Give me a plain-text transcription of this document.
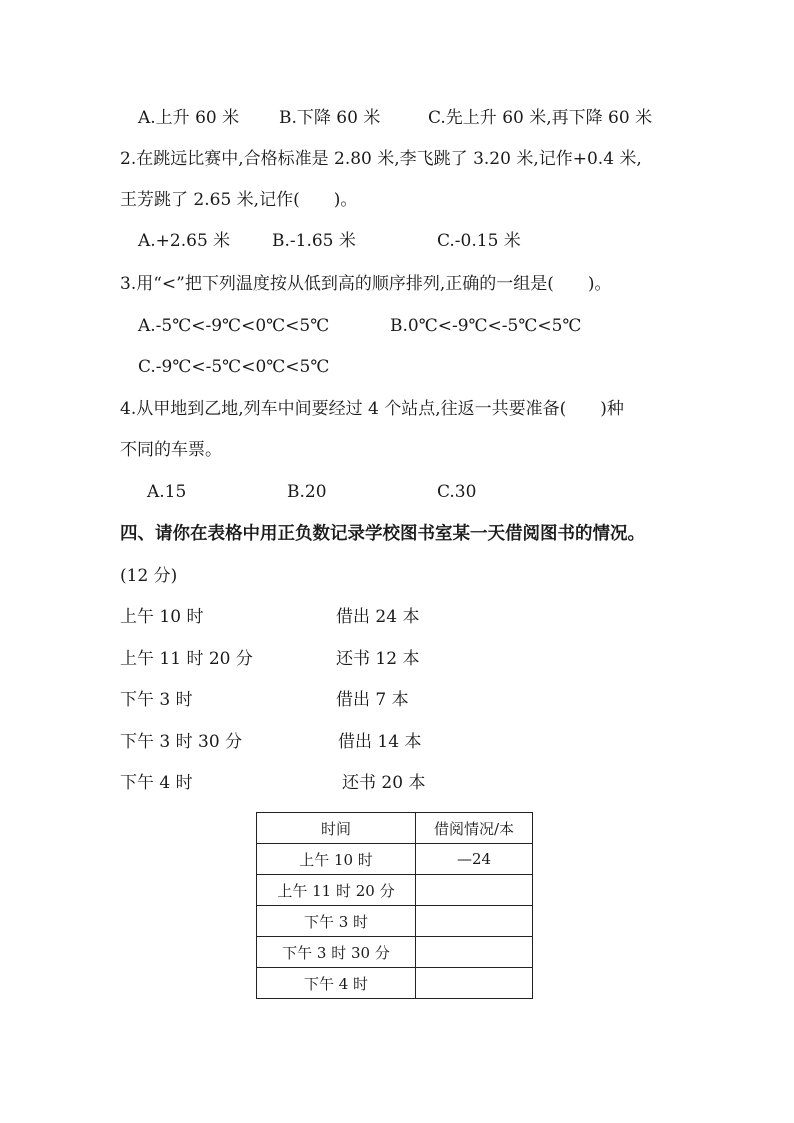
A.上升 60 米 B.下降 60 米	C.先上升 60 米,再下降 60 米
2.在跳远比赛中,合格标准是 2.80 米,李飞跳了 3.20 米,记作+0.4 米,
王芳跳了 2.65 米,记作(　　)。
A.+2.65 米 B.-1.65 米	C.-0.15 米
3.用“<”把下列温度按从低到高的顺序排列,正确的一组是(　　)。
A.-5℃<-9℃<0℃<5℃	B.0℃<-9℃<-5℃<5℃
C.-9℃<-5℃<0℃<5℃
4.从甲地到乙地,列车中间要经过 4 个站点,往返一共要准备(　　)种
不同的车票。
A.15	B.20	C.30
四、请你在表格中用正负数记录学校图书室某一天借阅图书的情况。
(12 分)
上午 10 时	借出 24 本
上午 11 时 20 分	还书 12 本
下午 3 时	借出 7 本
下午 3 时 30 分	借出 14 本
下午 4 时	还书 20 本
时间	借阅情况/本
上午 10 时	—24
上午 11 时 20 分	
下午 3 时	
下午 3 时 30 分	
下午 4 时	
